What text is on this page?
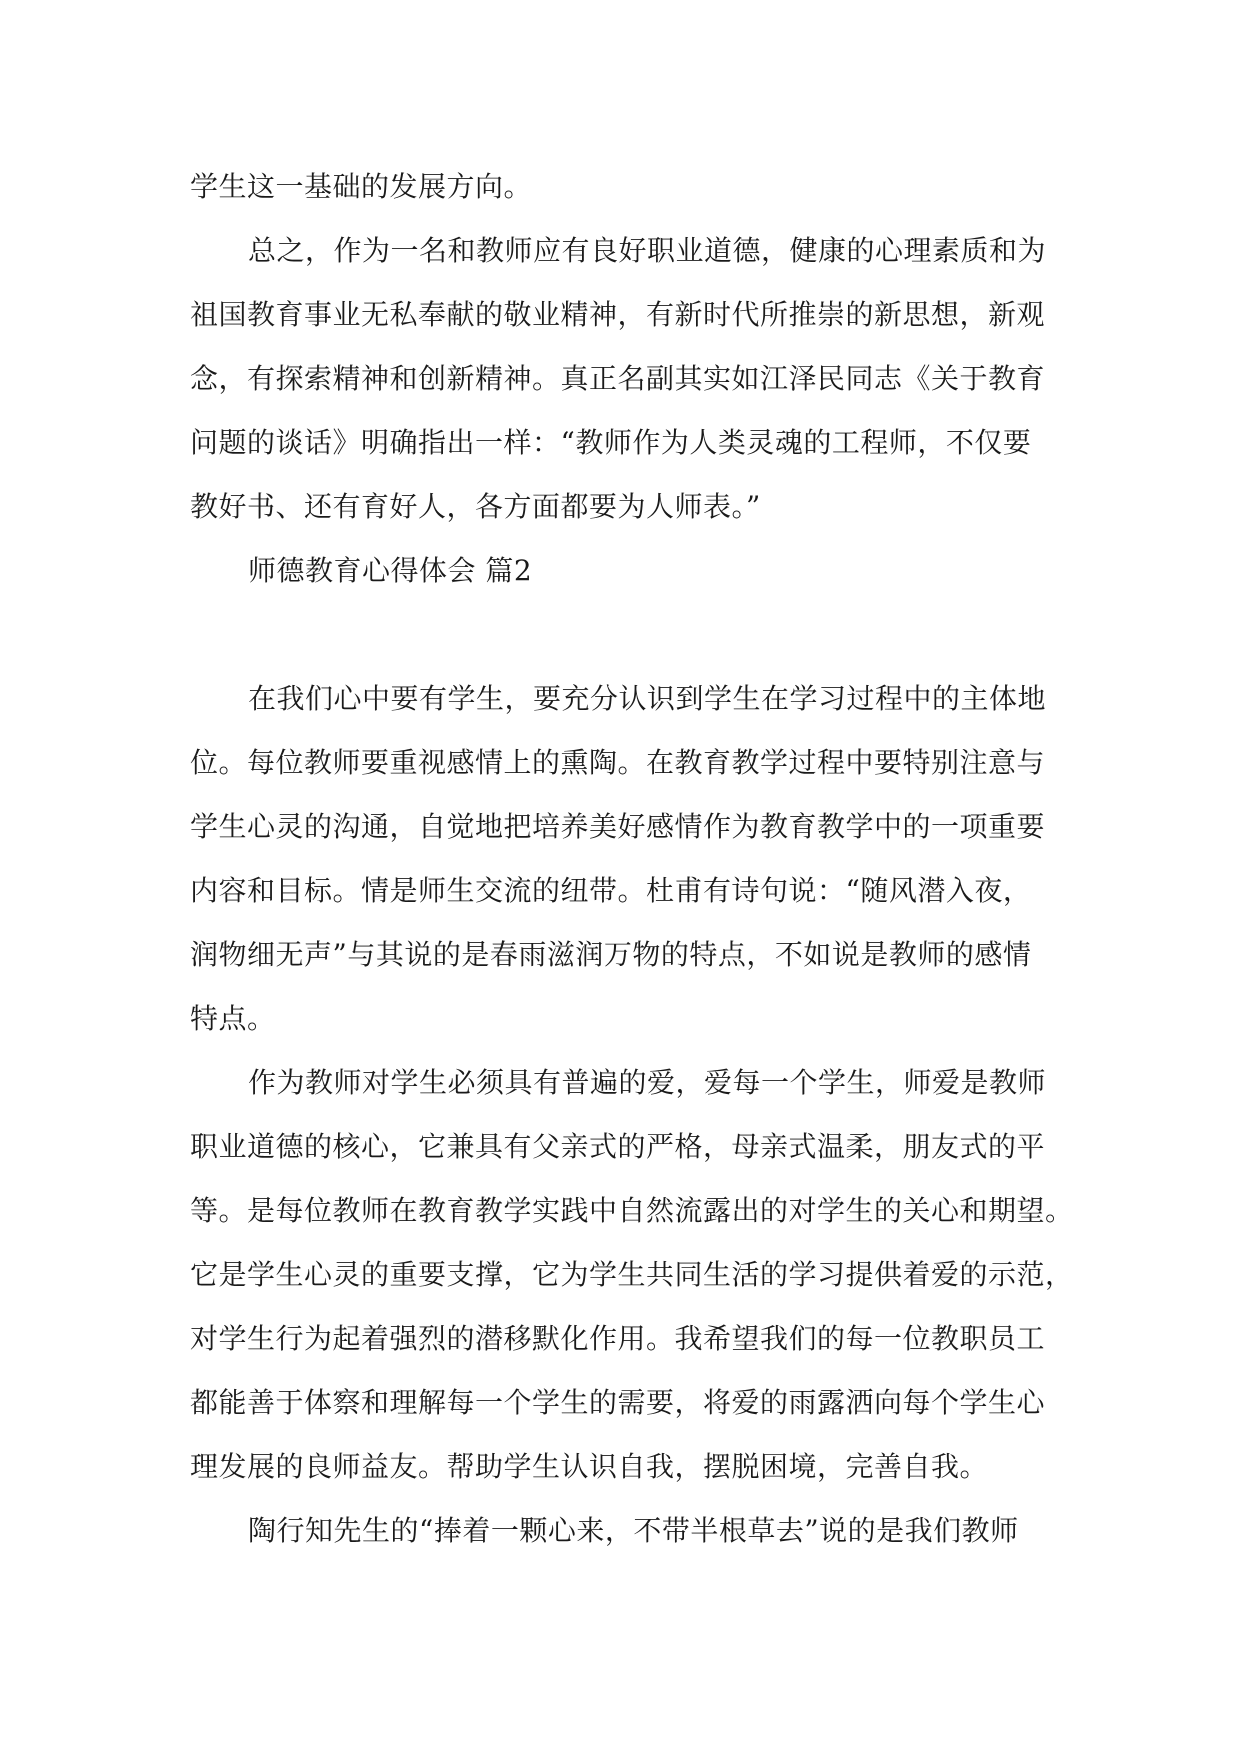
学生这一基础的发展方向。
总之，作为一名和教师应有良好职业道德，健康的心理素质和为
祖国教育事业无私奉献的敬业精神，有新时代所推崇的新思想，新观
念，有探索精神和创新精神。真正名副其实如江泽民同志《关于教育
问题的谈话》明确指出一样：“教师作为人类灵魂的工程师，不仅要
教好书、还有育好人，各方面都要为人师表。”
师德教育心得体会 篇2
在我们心中要有学生，要充分认识到学生在学习过程中的主体地
位。每位教师要重视感情上的熏陶。在教育教学过程中要特别注意与
学生心灵的沟通，自觉地把培养美好感情作为教育教学中的一项重要
内容和目标。情是师生交流的纽带。杜甫有诗句说：“随风潜入夜，
润物细无声”与其说的是春雨滋润万物的特点，不如说是教师的感情
特点。
作为教师对学生必须具有普遍的爱，爱每一个学生，师爱是教师
职业道德的核心，它兼具有父亲式的严格，母亲式温柔，朋友式的平
等。是每位教师在教育教学实践中自然流露出的对学生的关心和期望。
它是学生心灵的重要支撑，它为学生共同生活的学习提供着爱的示范，
对学生行为起着强烈的潜移默化作用。我希望我们的每一位教职员工
都能善于体察和理解每一个学生的需要，将爱的雨露洒向每个学生心
理发展的良师益友。帮助学生认识自我，摆脱困境，完善自我。
陶行知先生的“捧着一颗心来，不带半根草去”说的是我们教师
